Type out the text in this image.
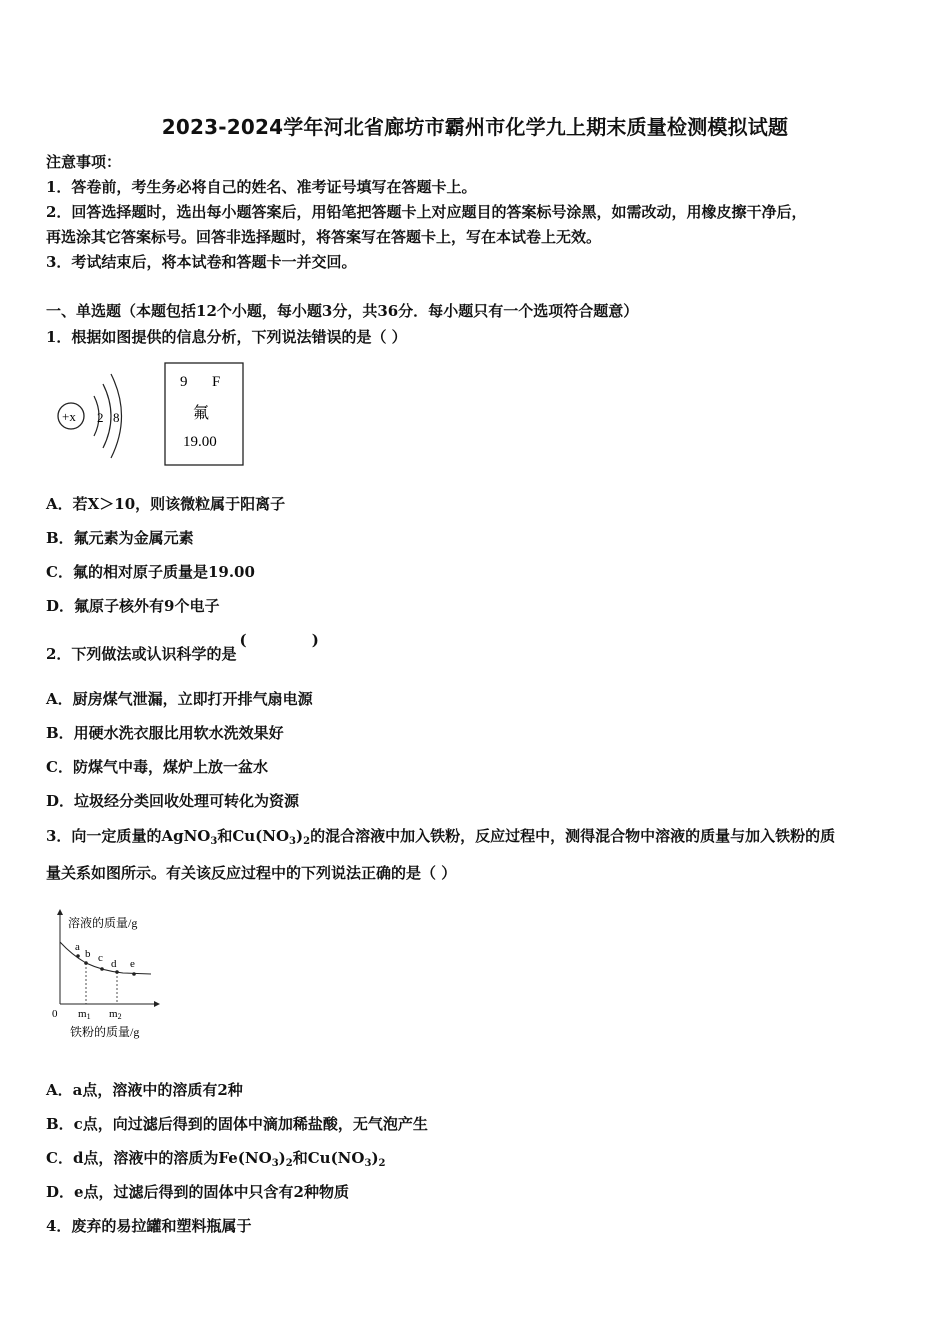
2023-2024学年河北省廊坊市霸州市化学九上期末质量检测模拟试题
注意事项：
1．答卷前，考生务必将自己的姓名、准考证号填写在答题卡上。
2．回答选择题时，选出每小题答案后，用铅笔把答题卡上对应题目的答案标号涂黑，如需改动，用橡皮擦干净后，
再选涂其它答案标号。回答非选择题时，将答案写在答题卡上，写在本试卷上无效。
3．考试结束后，将本试卷和答题卡一并交回。
一、单选题（本题包括12个小题，每小题3分，共36分．每小题只有一个选项符合题意）
1．根据如图提供的信息分析，下列说法错误的是（ ）
+x 2 8
9 F
氟
19.00
A．若X＞10，则该微粒属于阳离子
B．氟元素为金属元素
C．氟的相对原子质量是19.00
D．氟原子核外有9个电子
2．下列做法或认识科学的是( )
A．厨房煤气泄漏，立即打开排气扇电源
B．用硬水洗衣服比用软水洗效果好
C．防煤气中毒，煤炉上放一盆水
D．垃圾经分类回收处理可转化为资源
3．向一定质量的AgNO$_3$和$Cu(NO_3)_2$的混合溶液中加入铁粉，反应过程中，测得混合物中溶液的质量与加入铁粉的质
量关系如图所示。有关该反应过程中的下列说法正确的是（ ）
溶液的质量/g
a
b c d e
0 m1 m2
铁粉的质量/g
A．a点，溶液中的溶质有2种
B．c点，向过滤后得到的固体中滴加稀盐酸，无气泡产生
C．d点，溶液中的溶质为$Fe(NO_3)_2$和$Cu(NO_3)_2$
D．e点，过滤后得到的固体中只含有2种物质
4．废弃的易拉罐和塑料瓶属于
